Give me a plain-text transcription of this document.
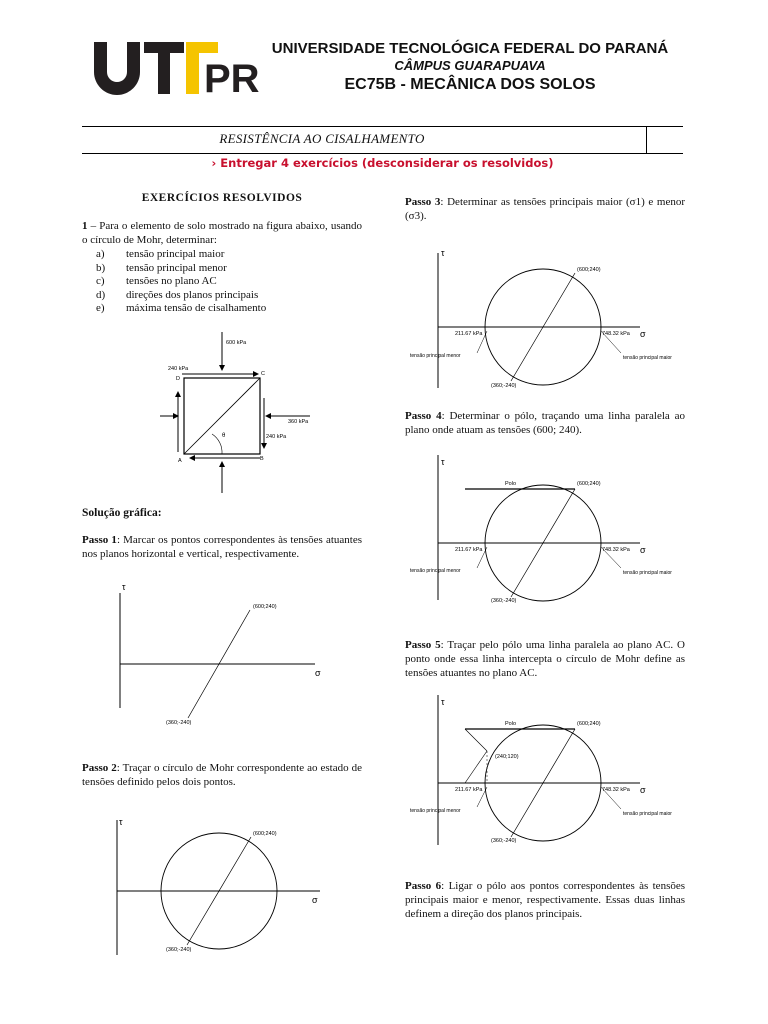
PR
UNIVERSIDADE TECNOLÓGICA FEDERAL DO PARANÁ
CÂMPUS GUARAPUAVA
EC75B - MECÂNICA DOS SOLOS
RESISTÊNCIA AO CISALHAMENTO
› Entregar 4 exercícios (desconsiderar os resolvidos)
EXERCÍCIOS RESOLVIDOS
1 – Para o elemento de solo mostrado na figura abaixo, usando o círculo de Mohr, determinar:
a) tensão principal maior
b) tensão principal menor
c) tensões no plano AC
d) direções dos planos principais
e) máxima tensão de cisalhamento
600 kPa
240 kPa
360 kPa
240 kPa
A	B
C
D
θ
Solução gráfica:
Passo 1: Marcar os pontos correspondentes às tensões atuantes nos planos horizontal e vertical, respectivamente.
τ
σ
(600;240)
(360;-240)
Passo 2: Traçar o círculo de Mohr correspondente ao estado de tensões definido pelos dois pontos.
τ
σ
(600;240)
(360;-240)
Passo 3: Determinar as tensões principais maior (σ1) e menor (σ3).
τ
σ
(600;240)
(360;-240)
211.67 kPa	748.32 kPa
tensão principal menor	tensão principal maior
Passo 4: Determinar o pólo, traçando uma linha paralela ao plano onde atuam as tensões (600; 240).
τ
σ
Polo	(600;240)
(360;-240)
211.67 kPa	748.32 kPa
tensão principal menor	tensão principal maior
Passo 5: Traçar pelo pólo uma linha paralela ao plano AC. O ponto onde essa linha intercepta o círculo de Mohr define as tensões atuantes no plano AC.
τ
σ
Polo	(600;240)
(240;120)
(360;-240)
211.67 kPa	748.32 kPa
tensão principal menor	tensão principal maior
Passo 6: Ligar o pólo aos pontos correspondentes às tensões principais maior e menor, respectivamente. Essas duas linhas definem a direção dos planos principais.
